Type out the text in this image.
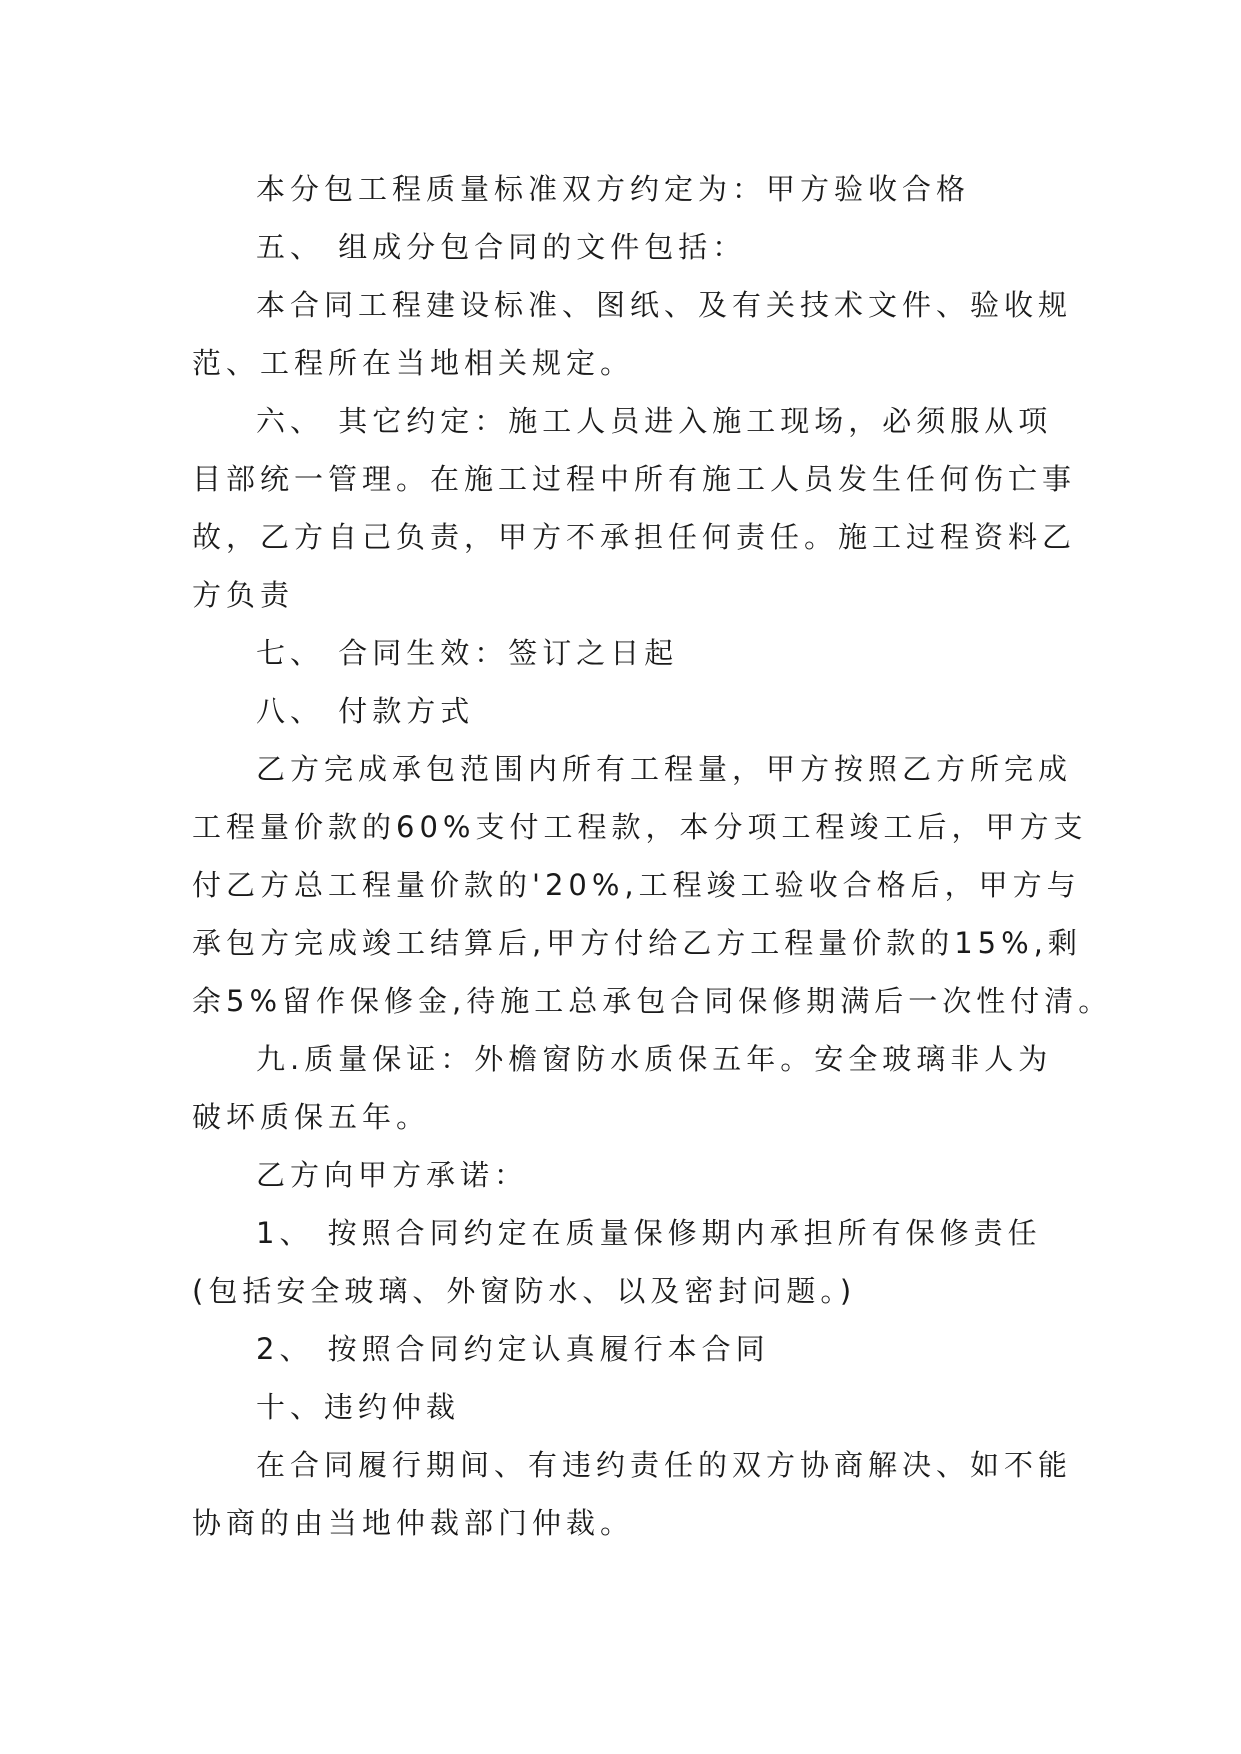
本分包工程质量标准双方约定为：甲方验收合格
五、 组成分包合同的文件包括：
本合同工程建设标准、图纸、及有关技术文件、验收规
范、工程所在当地相关规定。
六、 其它约定：施工人员进入施工现场，必须服从项
目部统一管理。在施工过程中所有施工人员发生任何伤亡事
故，乙方自己负责，甲方不承担任何责任。施工过程资料乙
方负责
七、 合同生效：签订之日起
八、 付款方式
乙方完成承包范围内所有工程量，甲方按照乙方所完成
工程量价款的60%支付工程款，本分项工程竣工后，甲方支
付乙方总工程量价款的'20%,工程竣工验收合格后，甲方与
承包方完成竣工结算后,甲方付给乙方工程量价款的15%,剩
余5%留作保修金,待施工总承包合同保修期满后一次性付清。
九.质量保证：外檐窗防水质保五年。安全玻璃非人为
破坏质保五年。
乙方向甲方承诺：
1、 按照合同约定在质量保修期内承担所有保修责任
(包括安全玻璃、外窗防水、以及密封问题。)
2、 按照合同约定认真履行本合同
十、违约仲裁
在合同履行期间、有违约责任的双方协商解决、如不能
协商的由当地仲裁部门仲裁。
